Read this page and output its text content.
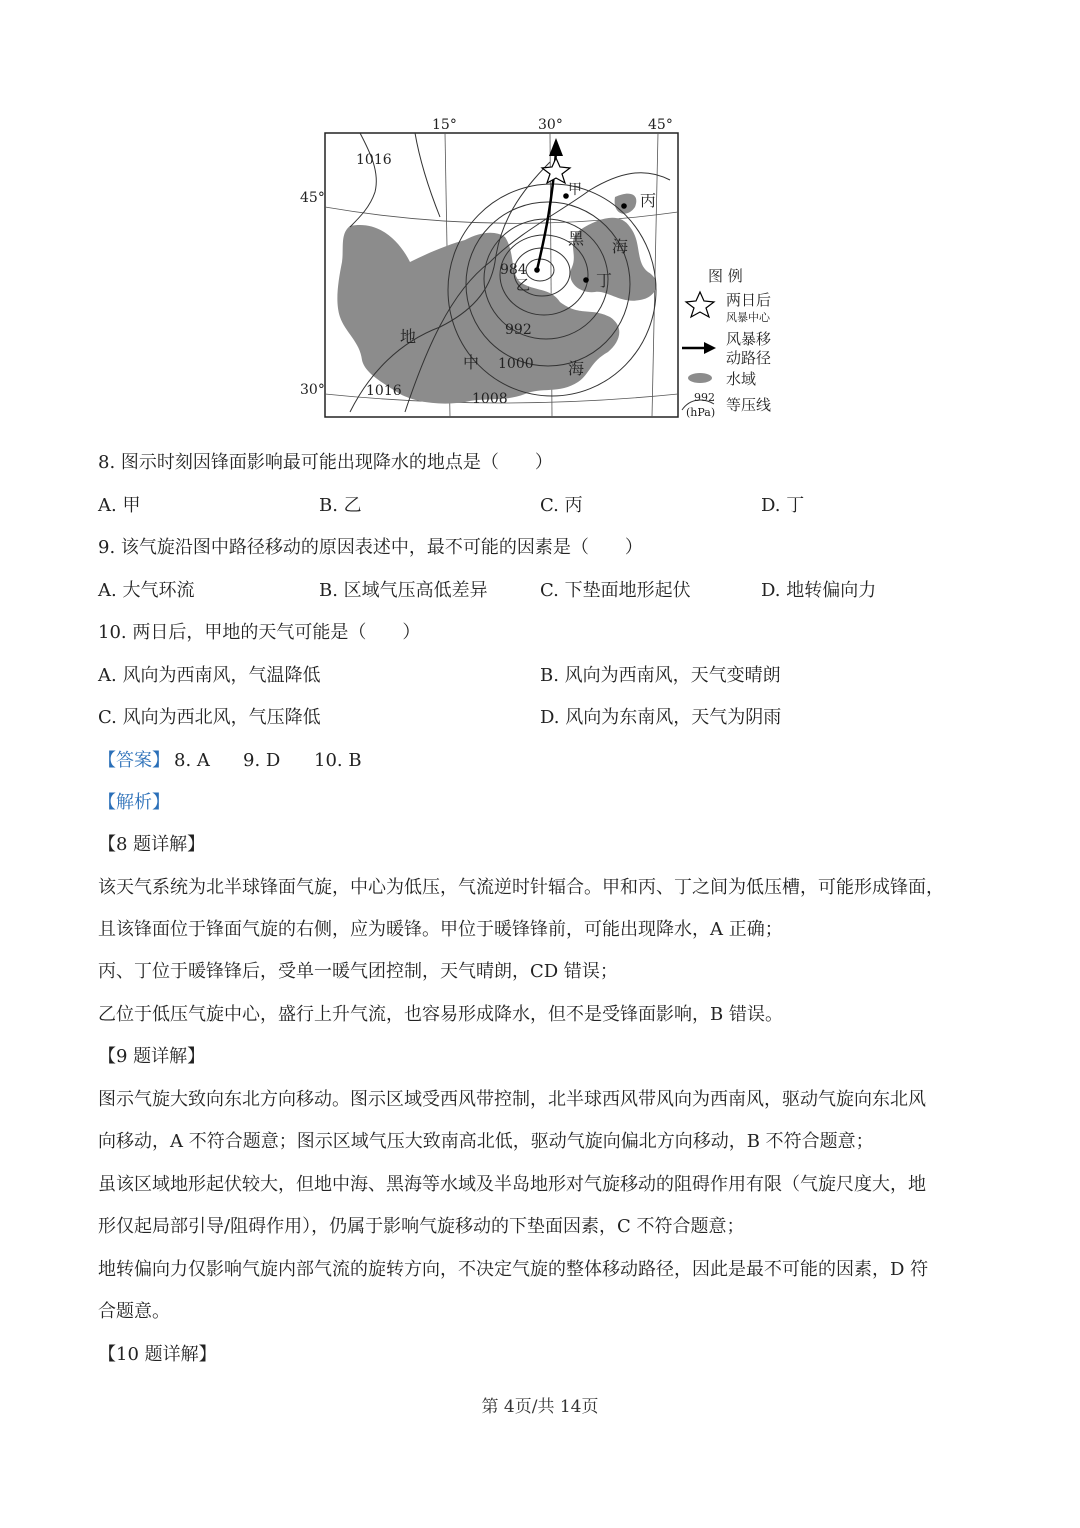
15°	30°	45°
45°
30°
1016
984
992
1000
1016	1008
甲
乙
丙
丁
黑 海
地
中	海
图 例
两日后
风暴中心
风暴移
动路径
水域
992
(hPa) 等压线
8. 图示时刻因锋面影响最可能出现降水的地点是（　　）
A. 甲	B. 乙	C. 丙	D. 丁
9. 该气旋沿图中路径移动的原因表述中，最不可能的因素是（　　）
A. 大气环流	B. 区域气压高低差异	C. 下垫面地形起伏	D. 地转偏向力
10. 两日后，甲地的天气可能是（　　）
A. 风向为西南风，气温降低	B. 风向为西南风，天气变晴朗
C. 风向为西北风，气压降低	D. 风向为东南风，天气为阴雨
【答案】 8. A 9. D 10. B
【解析】
【8 题详解】
该天气系统为北半球锋面气旋，中心为低压，气流逆时针辐合。甲和丙、丁之间为低压槽，可能形成锋面，
且该锋面位于锋面气旋的右侧，应为暖锋。甲位于暖锋锋前，可能出现降水，A 正确；
丙、丁位于暖锋锋后，受单一暖气团控制，天气晴朗，CD 错误；
乙位于低压气旋中心，盛行上升气流，也容易形成降水，但不是受锋面影响，B 错误。
【9 题详解】
图示气旋大致向东北方向移动。图示区域受西风带控制，北半球西风带风向为西南风，驱动气旋向东北风
向移动，A 不符合题意；图示区域气压大致南高北低，驱动气旋向偏北方向移动，B 不符合题意；
虽该区域地形起伏较大，但地中海、黑海等水域及半岛地形对气旋移动的阻碍作用有限（气旋尺度大，地
形仅起局部引导/阻碍作用），仍属于影响气旋移动的下垫面因素，C 不符合题意；
地转偏向力仅影响气旋内部气流的旋转方向，不决定气旋的整体移动路径，因此是最不可能的因素，D 符
合题意。
【10 题详解】
第 4页/共 14页
